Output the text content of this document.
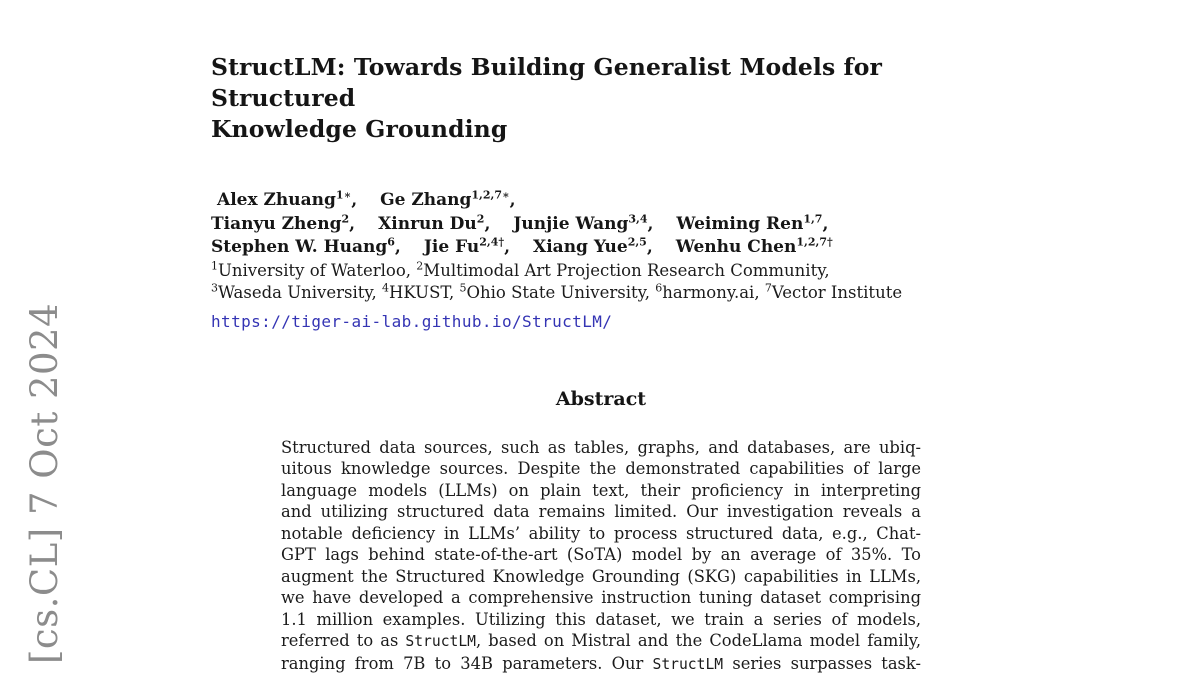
[cs.CL] 7 Oct 2024
StructLM: Towards Building Generalist Models for Structured
Knowledge Grounding
Alex Zhuang$^{1∗}$, Ge Zhang$^{1,2,7∗}$,
Tianyu Zheng$^2$, Xinrun Du$^2$, Junjie Wang$^{3,4}$, Weiming Ren$^{1,7}$,
Stephen W. Huang$^6$, Jie $Fu^{2,4\dagger}$, Xiang Yue$^{2,5}$, Wenhu Chen$^{1,2,7\dagger}$
$^1$University of Waterloo, $^2$Multimodal Art Projection Research Community,
$^3$Waseda University, $^4$HKUST, $^5$Ohio State University, $^6$harmony.ai, $^7$Vector Institute
https://tiger-ai-lab.github.io/StructLM/
Abstract
Structured data sources, such as tables, graphs, and databases, are ubiq-
uitous knowledge sources. Despite the demonstrated capabilities of large
language models (LLMs) on plain text, their proficiency in interpreting
and utilizing structured data remains limited. Our investigation reveals a
notable deficiency in LLMs’ ability to process structured data, e.g., Chat-
GPT lags behind state-of-the-art (SoTA) model by an average of 35%. To
augment the Structured Knowledge Grounding (SKG) capabilities in LLMs,
we have developed a comprehensive instruction tuning dataset comprising
1.1 million examples. Utilizing this dataset, we train a series of models,
referred to as StructLM, based on Mistral and the CodeLlama model family,
ranging from 7B to 34B parameters. Our StructLM series surpasses task-
